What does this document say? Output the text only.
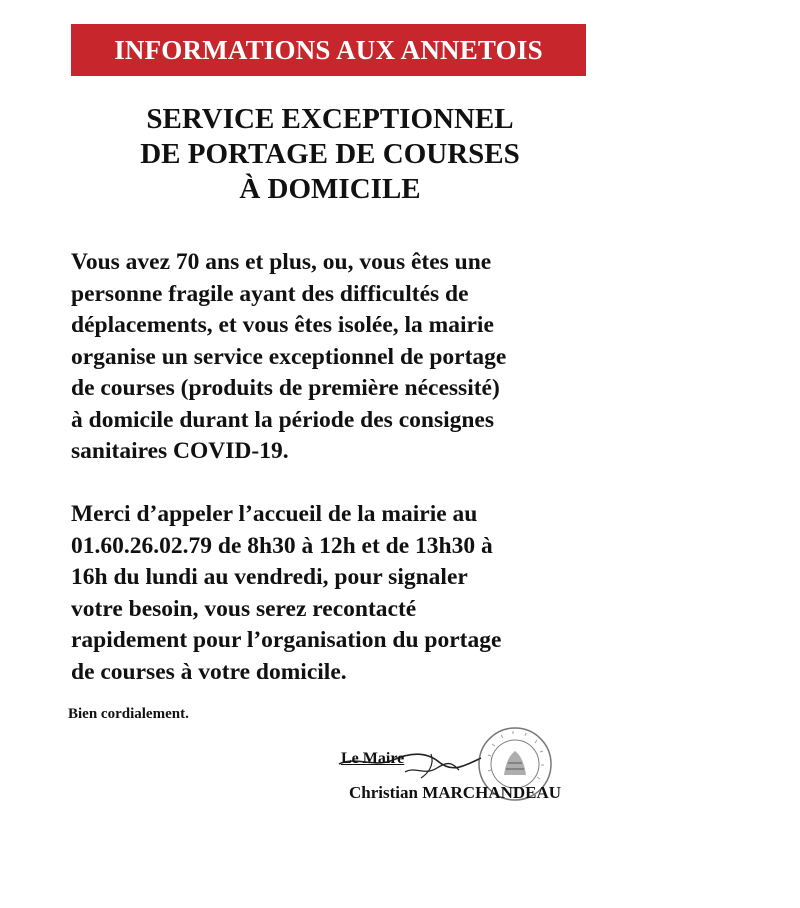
INFORMATIONS AUX ANNETOIS
SERVICE EXCEPTIONNEL
DE PORTAGE DE COURSES
À DOMICILE
Vous avez 70 ans et plus, ou, vous êtes une
personne fragile ayant des difficultés de
déplacements, et vous êtes isolée, la mairie
organise un service exceptionnel de portage
de courses (produits de première nécessité)
à domicile durant la période des consignes
sanitaires COVID-19.
Merci d’appeler l’accueil de la mairie au
01.60.26.02.79 de 8h30 à 12h et de 13h30 à
16h du lundi au vendredi, pour signaler
votre besoin, vous serez recontacté
rapidement pour l’organisation du portage
de courses à votre domicile.
Bien cordialement.
Le Maire
Christian MARCHANDEAU
